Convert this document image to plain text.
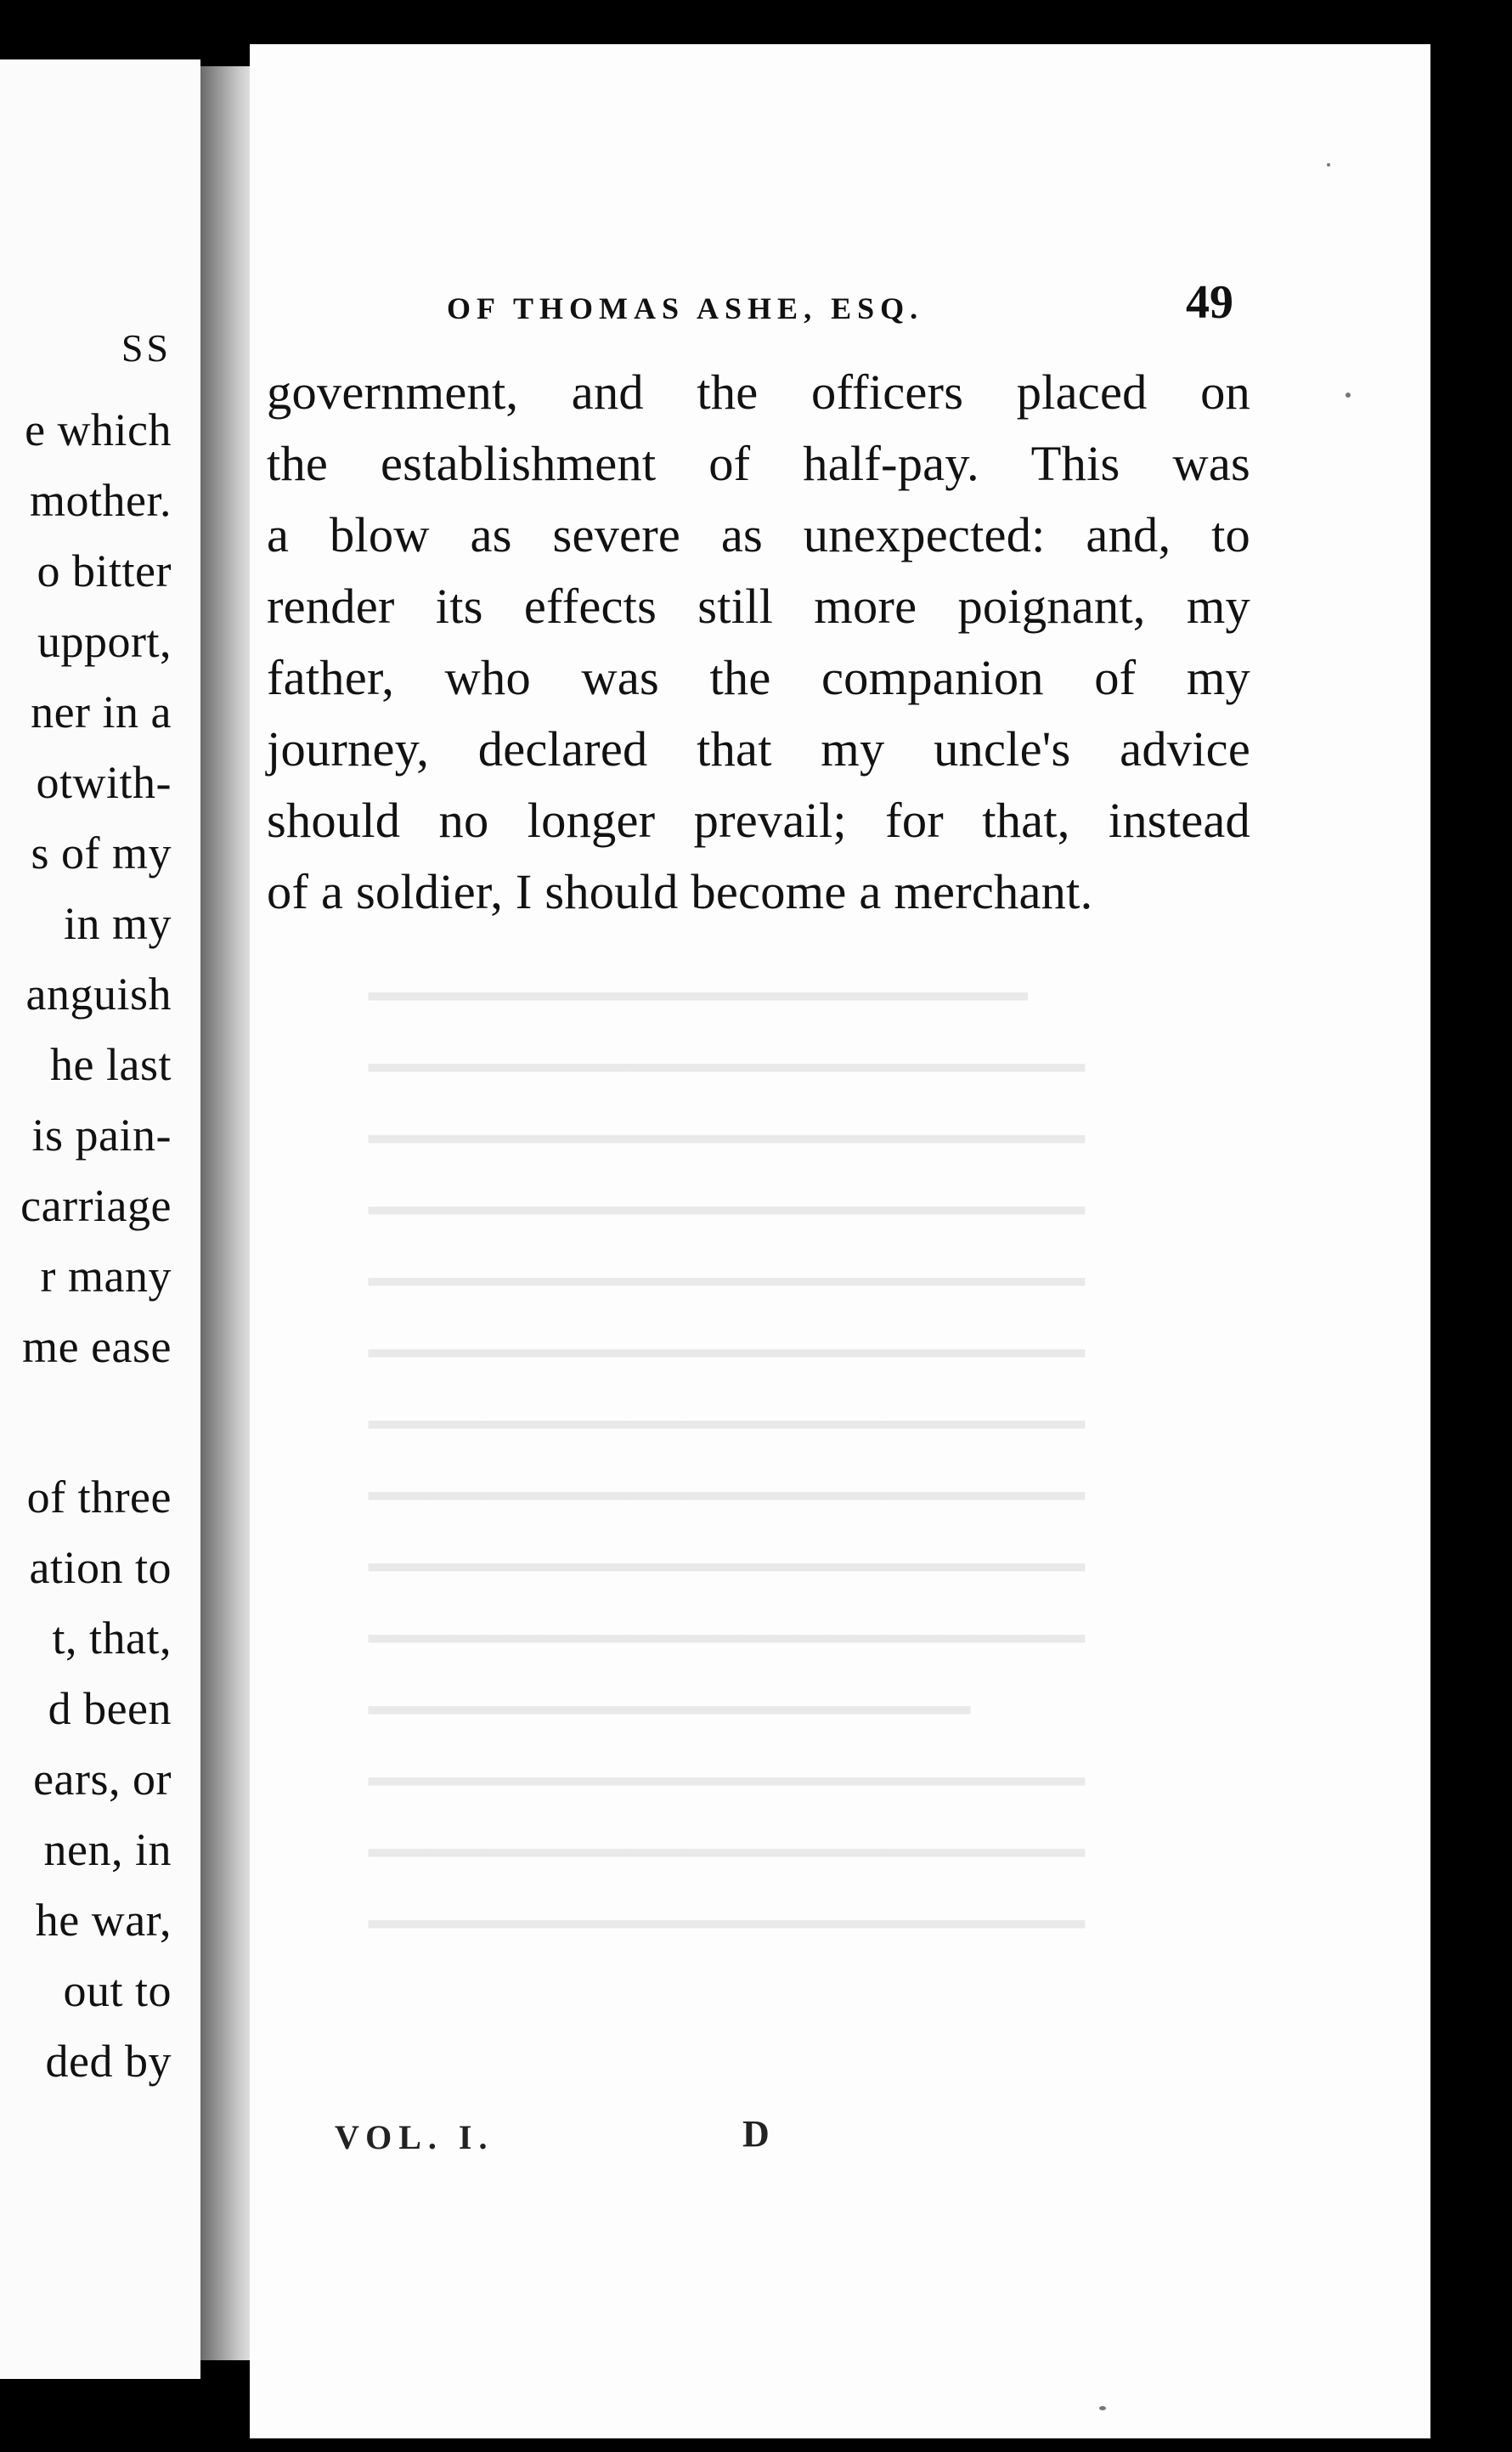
SS
e which
mother.
o bitter
upport,
ner in a
otwith-
s of my
in my
anguish
he last
is pain-
carriage
r many
me ease
of three
ation to
t, that,
d been
ears, or
nen, in
he war,
out to
ded by
━━━━━━━━━━━━━━━━━━━━━━━
━━━━━━━━━━━━━━━━━━━━━━━━━
━━━━━━━━━━━━━━━━━━━━━━━━━
━━━━━━━━━━━━━━━━━━━━━━━━━
━━━━━━━━━━━━━━━━━━━━━━━━━
━━━━━━━━━━━━━━━━━━━━━━━━━
━━━━━━━━━━━━━━━━━━━━━━━━━
━━━━━━━━━━━━━━━━━━━━━━━━━
━━━━━━━━━━━━━━━━━━━━━━━━━
━━━━━━━━━━━━━━━━━━━━━━━━━
━━━━━━━━━━━━━━━━━━━━━
━━━━━━━━━━━━━━━━━━━━━━━━━
━━━━━━━━━━━━━━━━━━━━━━━━━
━━━━━━━━━━━━━━━━━━━━━━━━━
OF THOMAS ASHE, ESQ.	49
government, and the officers placed on
the establishment of half-pay. This was
a blow as severe as unexpected: and, to
render its effects still more poignant, my
father, who was the companion of my
journey, declared that my uncle's advice
should no longer prevail; for that, instead
of a soldier, I should become a merchant.
VOL. I.	D
